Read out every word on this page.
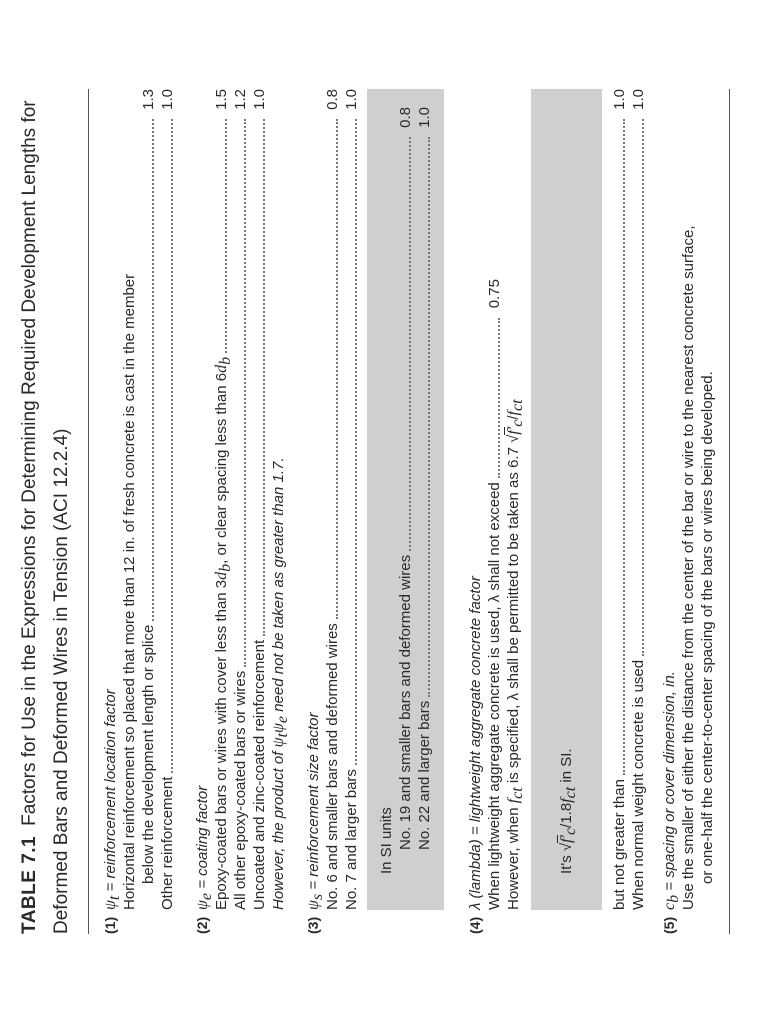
TABLE 7.1Factors for Use in the Expressions for Determining Required Development Lengths for Deformed Bars and Deformed Wires in Tension (ACI 12.2.4) (1)
$\psi_t$ = reinforcement location factor Horizontal reinforcement so placed that more than 12 in. of fresh concrete is cast in the member below the development length or splice
1.3
Other reinforcement
1.0
(2)
$\psi_e$ = coating factor Epoxy-coated bars or wires with cover less than $3d_b$, or clear spacing less than $6d_b$
1.5
All other epoxy-coated bars or wires
1.2
Uncoated and zinc-coated reinforcement
1.0
However, the product of $\psi_t\psi_e$ need not be taken as greater than 1.7.
(3)
$\psi_s$ = reinforcement size factor No. 6 and smaller bars and deformed wires
0.8
No. 7 and larger bars
1.0
In SI units No. 19 and smaller bars and deformed wires
0.8
No. 22 and larger bars
1.0
(4)
λ (lambda) = lightweight aggregate concrete factor When lightweight aggregate concrete is used, λ shall not exceed
0.75
However, when $f_{ct}$ is specified, λ shall be permitted to be taken as 6.7 $√f'_c/f_{ct}$
It's $√f'_c/1.8f_{ct}$ in SI.
but not greater than
1.0
When normal weight concrete is used
1.0
(5)
$c_b$ = spacing or cover dimension, in. Use the smaller of either the distance from the center of the bar or wire to the nearest concrete surface, or one-half the center-to-center spacing of the bars or wires being developed.
